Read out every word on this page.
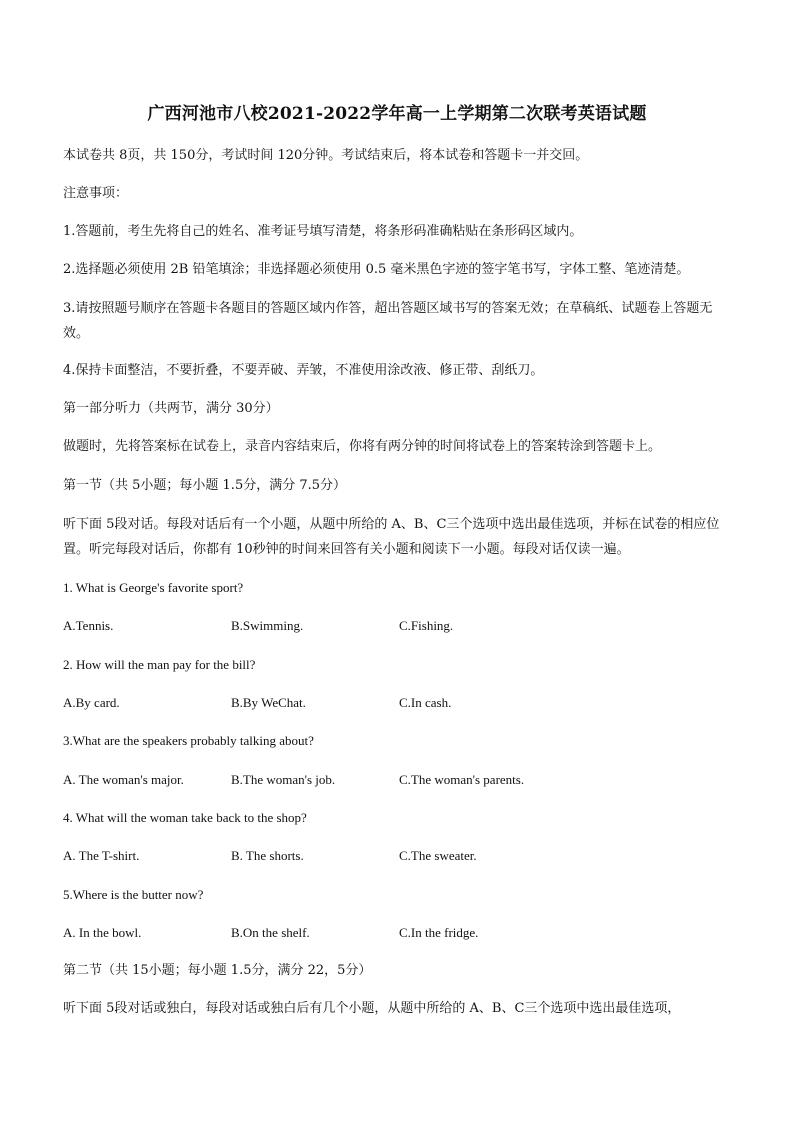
广西河池市八校2021-2022学年高一上学期第二次联考英语试题
本试卷共 8页，共 150分，考试时间 120分钟。考试结束后，将本试卷和答题卡一并交回。
注意事项：
1.答题前，考生先将自己的姓名、准考证号填写清楚，将条形码准确粘贴在条形码区域内。
2.选择题必须使用 2B 铅笔填涂；非选择题必须使用 0.5 毫米黑色字迹的签字笔书写，字体工整、笔迹清楚。
3.请按照题号顺序在答题卡各题目的答题区域内作答，超出答题区域书写的答案无效；在草稿纸、试题卷上答题无效。
4.保持卡面整洁，不要折叠，不要弄破、弄皱，不准使用涂改液、修正带、刮纸刀。
第一部分听力（共两节，满分 30分）
做题时，先将答案标在试卷上，录音内容结束后，你将有两分钟的时间将试卷上的答案转涂到答题卡上。
第一节（共 5小题；每小题 1.5分，满分 7.5分）
听下面 5段对话。每段对话后有一个小题，从题中所给的 A、B、C三个选项中选出最佳选项，并标在试卷的相应位置。听完每段对话后，你都有 10秒钟的时间来回答有关小题和阅读下一小题。每段对话仅读一遍。
1. What is George's favorite sport?
A.Tennis.	B.Swimming.	C.Fishing.
2. How will the man pay for the bill?
A.By card.	B.By WeChat.	C.In cash.
3.What are the speakers probably talking about?
A. The woman's major.	B.The woman's job.	C.The woman's parents.
4. What will the woman take back to the shop?
A. The T-shirt.	B. The shorts.	C.The sweater.
5.Where is the butter now?
A. In the bowl.	B.On the shelf.	C.In the fridge.
第二节（共 15小题；每小题 1.5分，满分 22，5分）
听下面 5段对话或独白，每段对话或独白后有几个小题，从题中所给的 A、B、C三个选项中选出最佳选项，
